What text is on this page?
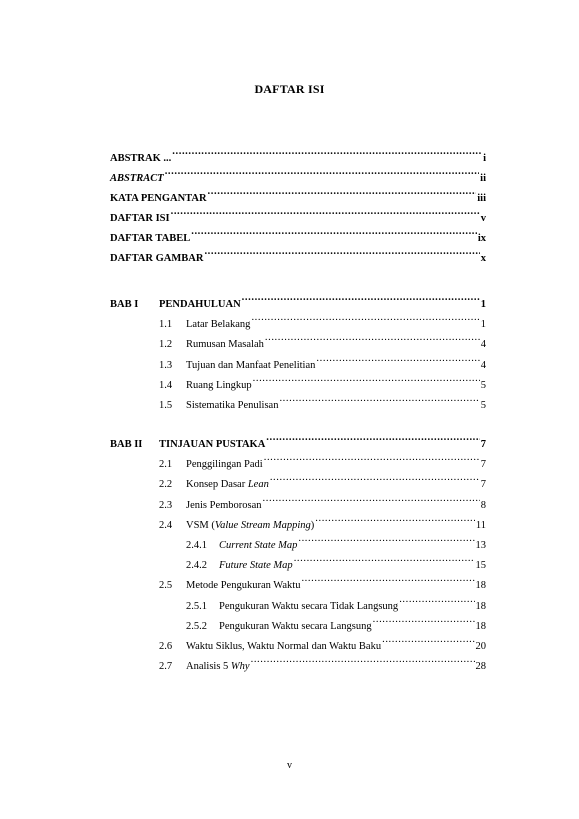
DAFTAR ISI
ABSTRAK ... .....	i
ABSTRACT .....	ii
KATA PENGANTAR .....	iii
DAFTAR ISI .....	v
DAFTAR TABEL .....	ix
DAFTAR GAMBAR .....	x
BAB I	PENDAHULUAN .....	1
1.1	Latar Belakang .....	1
1.2	Rumusan Masalah .....	4
1.3	Tujuan dan Manfaat Penelitian .....	4
1.4	Ruang Lingkup .....	5
1.5	Sistematika Penulisan .....	5
BAB II	TINJAUAN PUSTAKA .....	7
2.1	Penggilingan Padi .....	7
2.2	Konsep Dasar Lean .....	7
2.3	Jenis Pemborosan .....	8
2.4	VSM (Value Stream Mapping) .....	11
2.4.1	Current State Map .....	13
2.4.2	Future State Map .....	15
2.5	Metode Pengukuran Waktu .....	18
2.5.1	Pengukuran Waktu secara Tidak Langsung .....	18
2.5.2	Pengukuran Waktu secara Langsung .....	18
2.6	Waktu Siklus, Waktu Normal dan Waktu Baku .....	20
2.7	Analisis 5 Why .....	28
v
